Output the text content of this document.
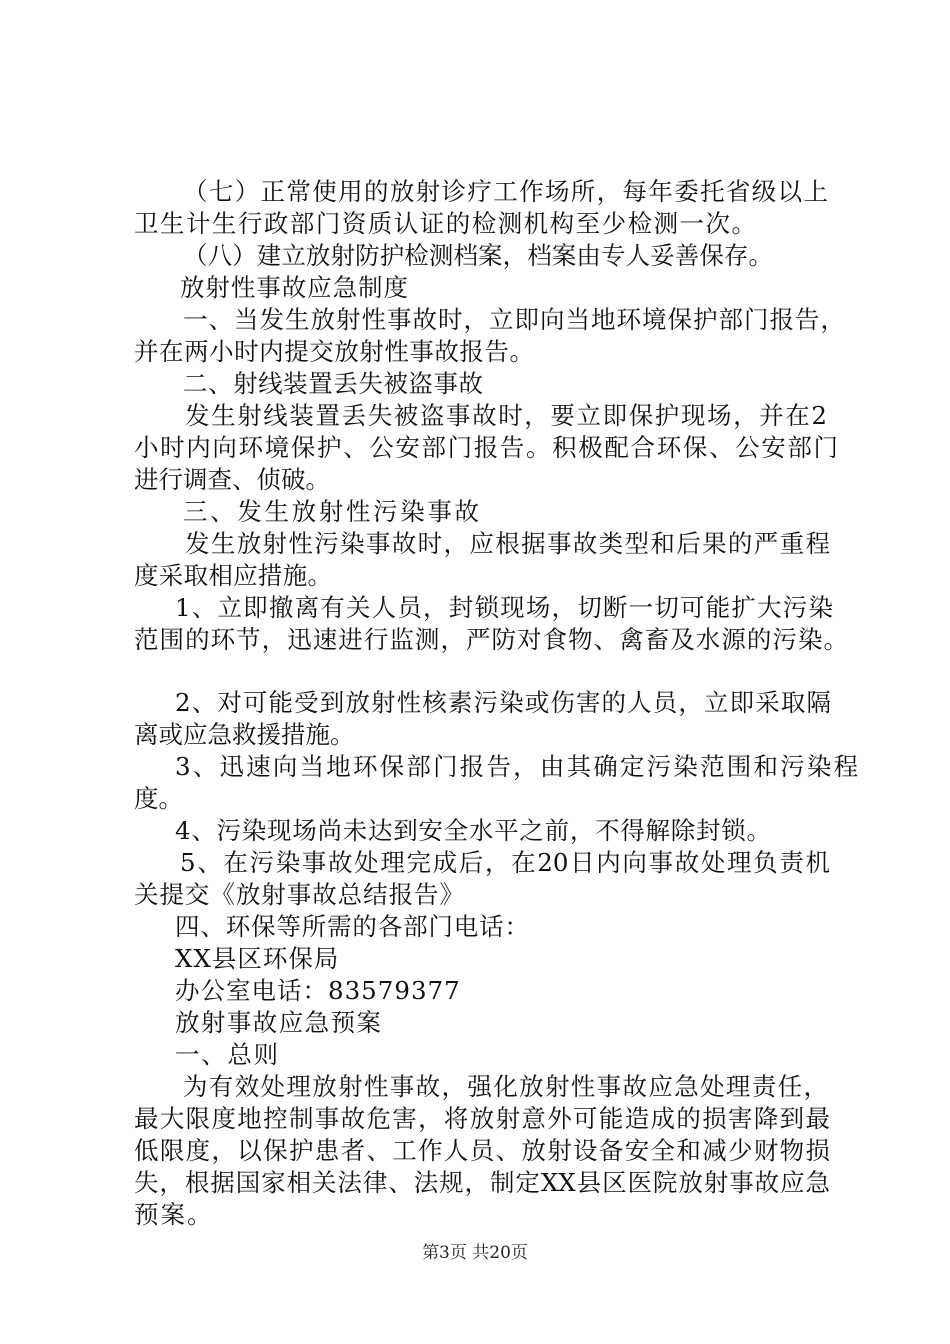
（七）正常使用的放射诊疗工作场所，每年委托省级以上
卫生计生行政部门资质认证的检测机构至少检测一次。
（八）建立放射防护检测档案，档案由专人妥善保存。
放射性事故应急制度
一、当发生放射性事故时，立即向当地环境保护部门报告，
并在两小时内提交放射性事故报告。
二、射线装置丢失被盗事故
发生射线装置丢失被盗事故时，要立即保护现场，并在2
小时内向环境保护、公安部门报告。积极配合环保、公安部门
进行调查、侦破。
三、发生放射性污染事故
发生放射性污染事故时，应根据事故类型和后果的严重程
度采取相应措施。
1、立即撤离有关人员，封锁现场，切断一切可能扩大污染
范围的环节，迅速进行监测，严防对食物、禽畜及水源的污染。
2、对可能受到放射性核素污染或伤害的人员，立即采取隔
离或应急救援措施。
3、迅速向当地环保部门报告，由其确定污染范围和污染程
度。
4、污染现场尚未达到安全水平之前，不得解除封锁。
5、在污染事故处理完成后，在20日内向事故处理负责机
关提交《放射事故总结报告》
四、环保等所需的各部门电话：
XX县区环保局
办公室电话：83579377
放射事故应急预案
一、总则
为有效处理放射性事故，强化放射性事故应急处理责任，
最大限度地控制事故危害，将放射意外可能造成的损害降到最
低限度，以保护患者、工作人员、放射设备安全和减少财物损
失，根据国家相关法律、法规，制定XX县区医院放射事故应急
预案。
第3页 共20页
